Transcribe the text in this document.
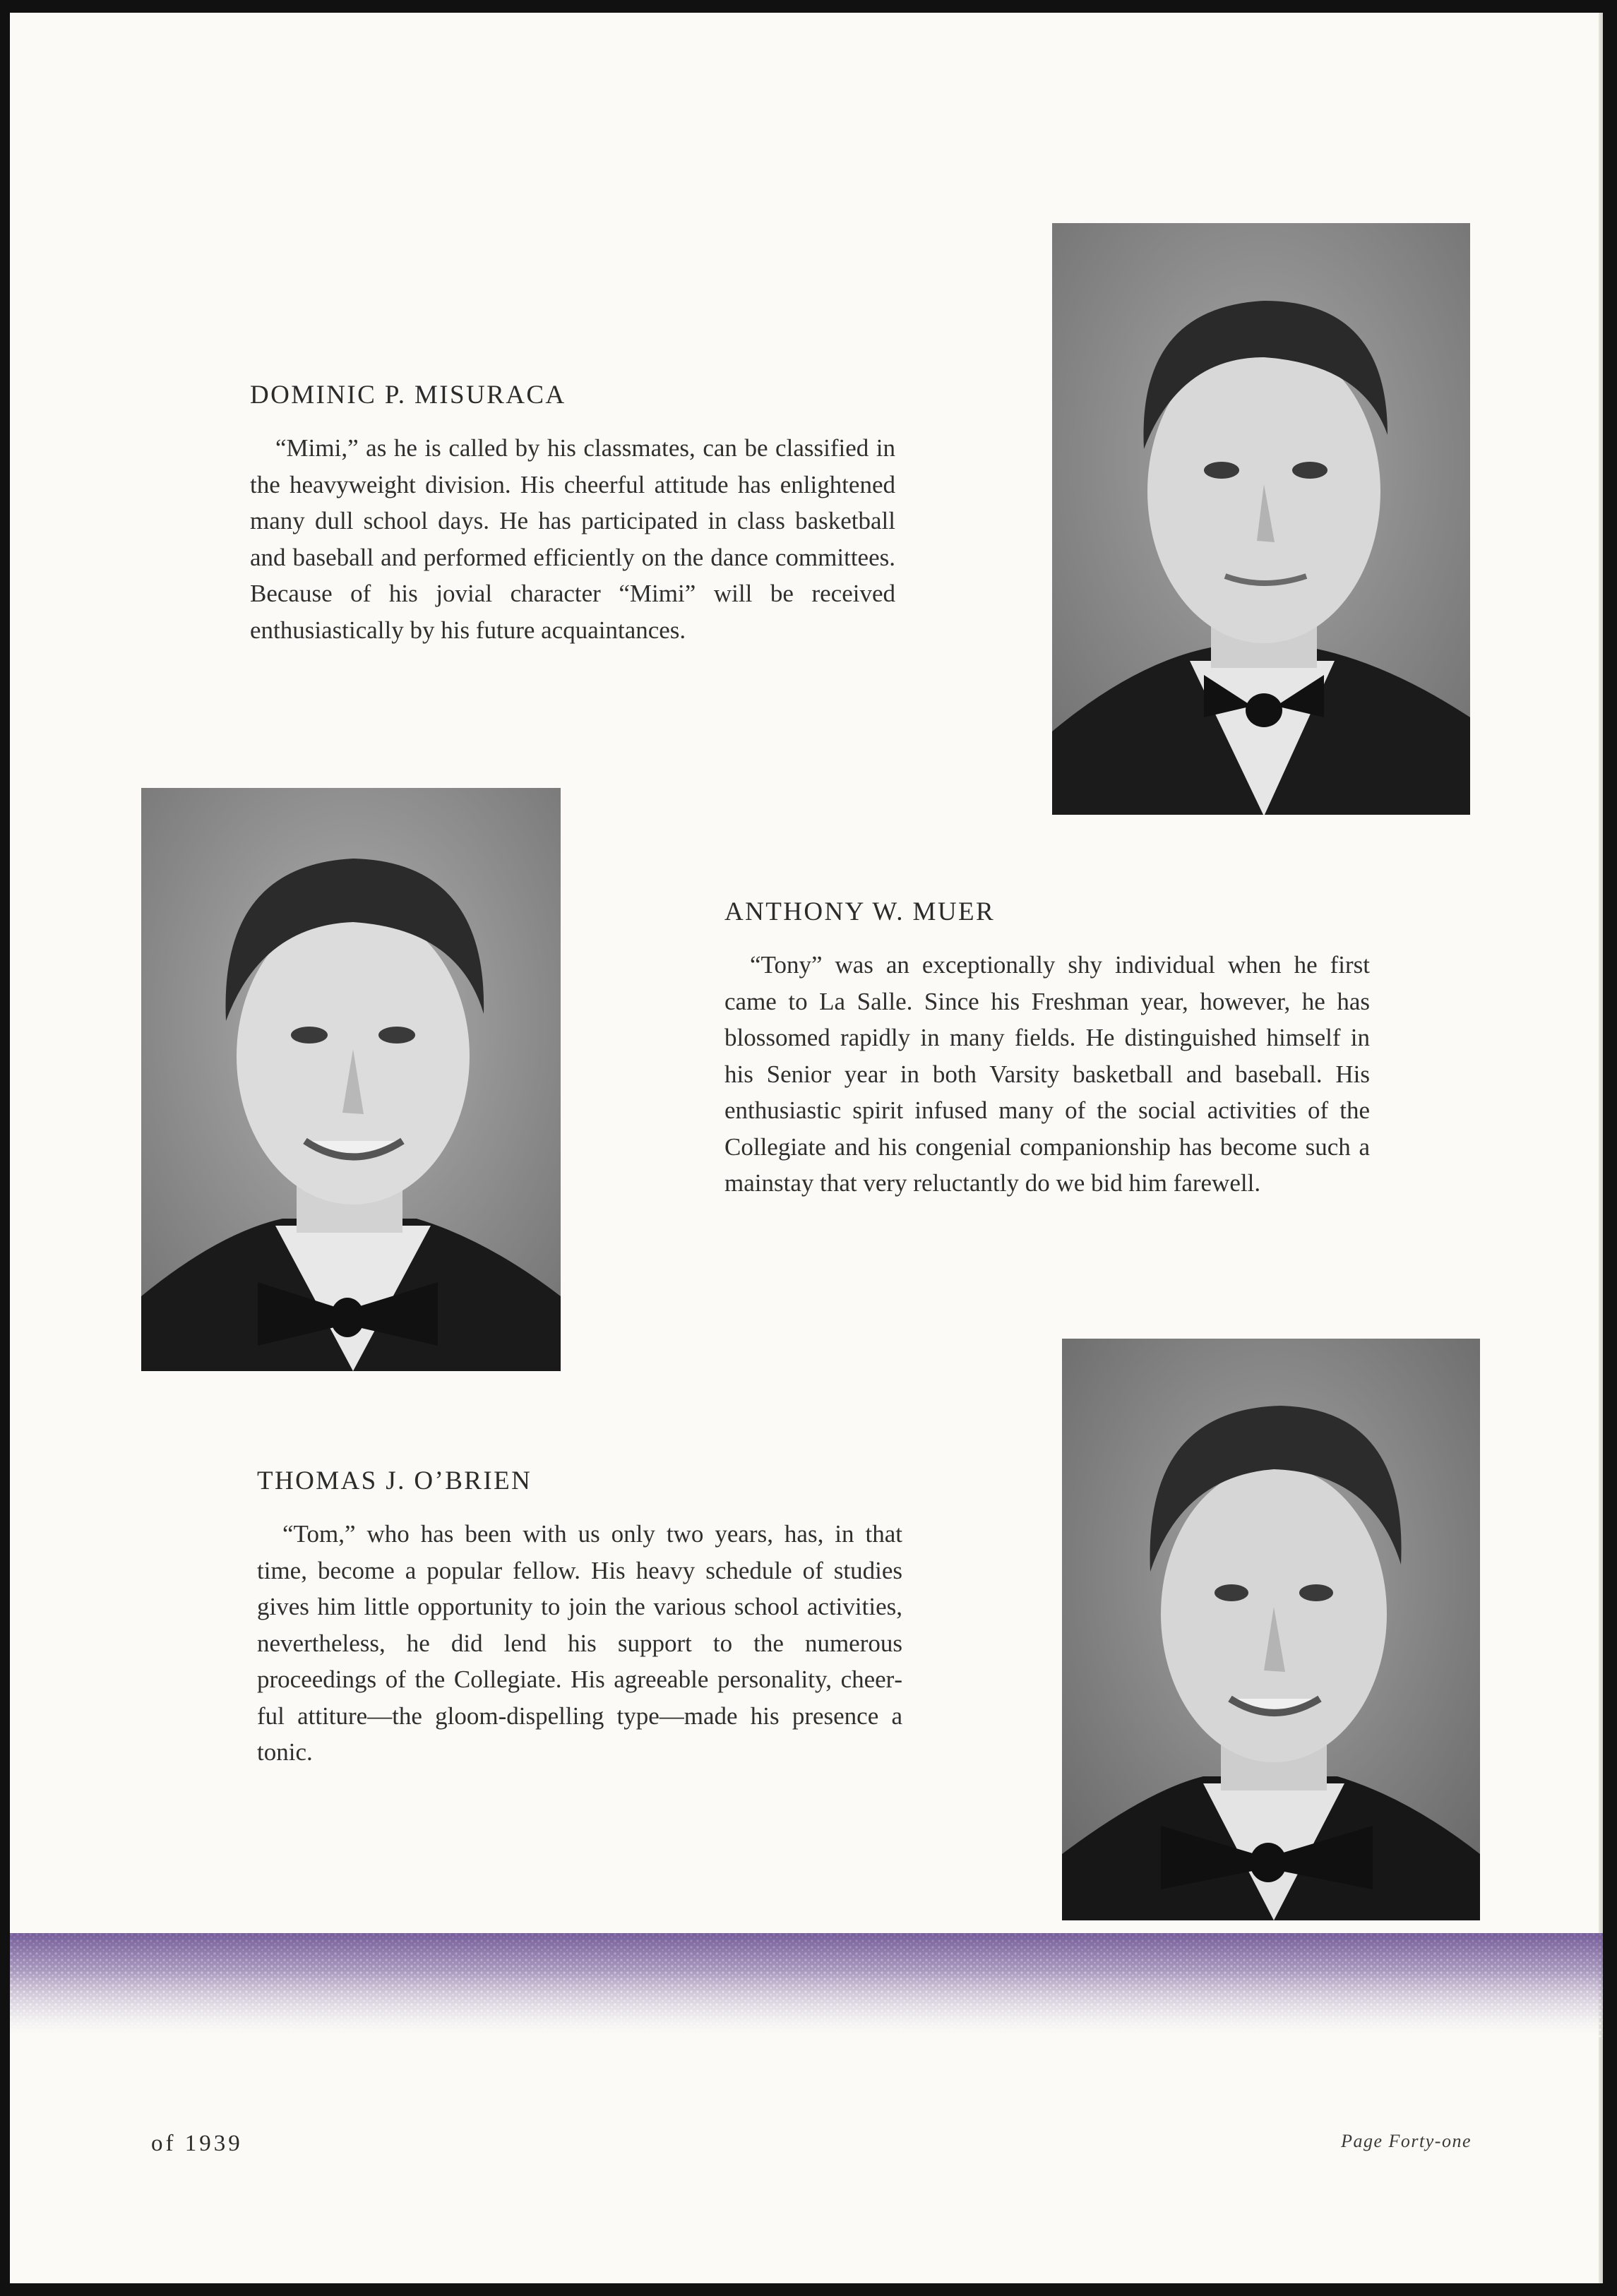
DOMINIC P. MISURACA

“Mimi,” as he is called by his classmates, can be classified in the heavyweight division. His cheerful attitude has enlightened many dull school days. He has participated in class basketball and baseball and performed efficiently on the dance committees. Because of his jovial character “Mimi” will be received enthusiastically by his future acquaintances.

ANTHONY W. MUER

“Tony” was an exceptionally shy individual when he first came to La Salle. Since his Freshman year, however, he has blossomed rapidly in many fields. He distinguished himself in his Senior year in both Varsity basketball and baseball. His enthusiastic spirit infused many of the social activities of the Collegiate and his congenial companionship has become such a mainstay that very reluctantly do we bid him farewell.

THOMAS J. O’BRIEN

“Tom,” who has been with us only two years, has, in that time, become a popular fellow. His heavy schedule of studies gives him little opportunity to join the various school activities, nevertheless, he did lend his support to the numerous proceedings of the Collegiate. His agreeable personality, cheerful attiture—the gloom-dispelling type—made his presence a tonic.

of 1939	Page Forty-one
